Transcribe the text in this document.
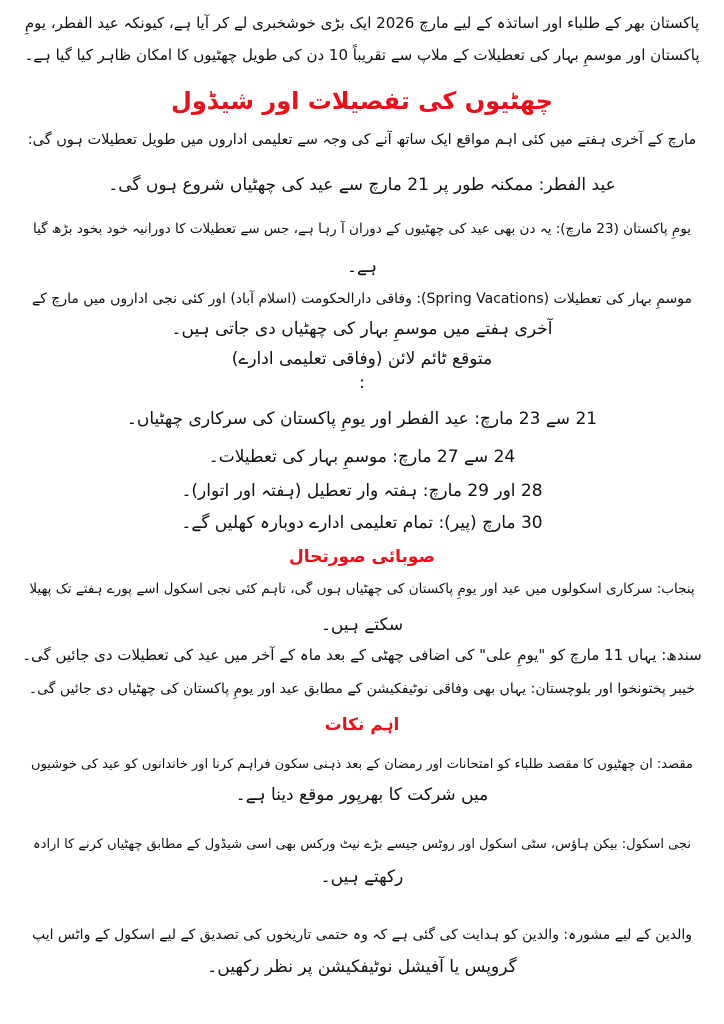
پاکستان بھر کے طلباء اور اساتذہ کے لیے مارچ 2026 ایک بڑی خوشخبری لے کر آیا ہے، کیونکہ عید الفطر، یومِ
پاکستان اور موسمِ بہار کی تعطیلات کے ملاپ سے تقریباً 10 دن کی طویل چھٹیوں کا امکان ظاہر کیا گیا ہے۔
چھٹیوں کی تفصیلات اور شیڈول
مارچ کے آخری ہفتے میں کئی اہم مواقع ایک ساتھ آنے کی وجہ سے تعلیمی اداروں میں طویل تعطیلات ہوں گی:
عید الفطر: ممکنہ طور پر 21 مارچ سے عید کی چھٹیاں شروع ہوں گی۔
یومِ پاکستان (23 مارچ): یہ دن بھی عید کی چھٹیوں کے دوران آ رہا ہے، جس سے تعطیلات کا دورانیہ خود بخود بڑھ گیا
ہے۔
موسمِ بہار کی تعطیلات (Spring Vacations): وفاقی دارالحکومت (اسلام آباد) اور کئی نجی اداروں میں مارچ کے
آخری ہفتے میں موسمِ بہار کی چھٹیاں دی جاتی ہیں۔
متوقع ٹائم لائن (وفاقی تعلیمی ادارے)
:
21 سے 23 مارچ: عید الفطر اور یومِ پاکستان کی سرکاری چھٹیاں۔
24 سے 27 مارچ: موسمِ بہار کی تعطیلات۔
28 اور 29 مارچ: ہفتہ وار تعطیل (ہفتہ اور اتوار)۔
30 مارچ (پیر): تمام تعلیمی ادارے دوبارہ کھلیں گے۔
صوبائی صورتحال
پنجاب: سرکاری اسکولوں میں عید اور یومِ پاکستان کی چھٹیاں ہوں گی، تاہم کئی نجی اسکول اسے پورے ہفتے تک پھیلا
سکتے ہیں۔
سندھ: یہاں 11 مارچ کو "یومِ علی" کی اضافی چھٹی کے بعد ماہ کے آخر میں عید کی تعطیلات دی جائیں گی۔
خیبر پختونخوا اور بلوچستان: یہاں بھی وفاقی نوٹیفکیشن کے مطابق عید اور یومِ پاکستان کی چھٹیاں دی جائیں گی۔
اہم نکات
مقصد: ان چھٹیوں کا مقصد طلباء کو امتحانات اور رمضان کے بعد ذہنی سکون فراہم کرنا اور خاندانوں کو عید کی خوشیوں
میں شرکت کا بھرپور موقع دینا ہے۔
نجی اسکول: بیکن ہاؤس، سٹی اسکول اور روٹس جیسے بڑے نیٹ ورکس بھی اسی شیڈول کے مطابق چھٹیاں کرنے کا ارادہ
رکھتے ہیں۔
والدین کے لیے مشورہ: والدین کو ہدایت کی گئی ہے کہ وہ حتمی تاریخوں کی تصدیق کے لیے اسکول کے واٹس ایپ
گروپس یا آفیشل نوٹیفکیشن پر نظر رکھیں۔
